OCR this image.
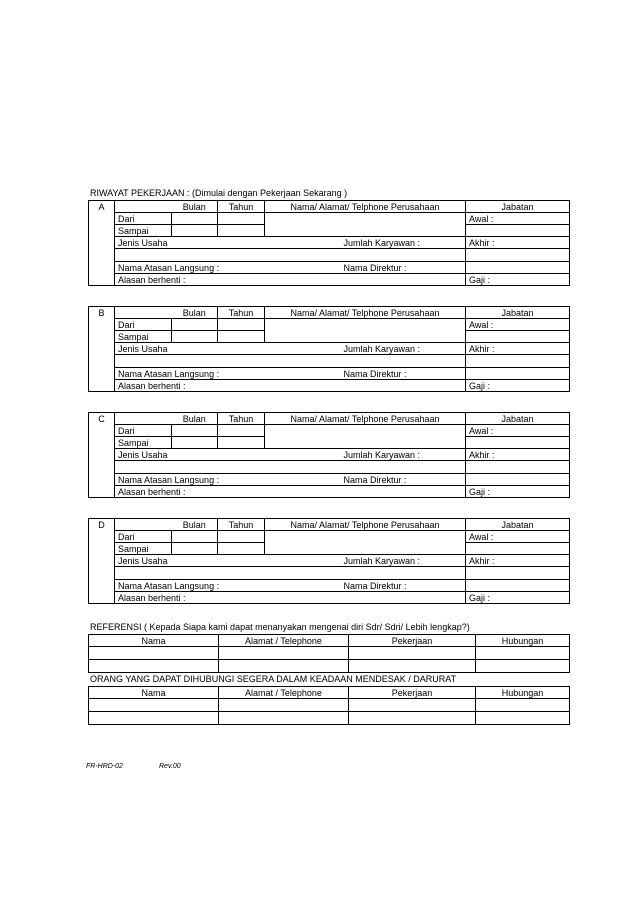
RIWAYAT PEKERJAAN : (Dimulai dengan Pekerjaan Sekarang )
A		Bulan	Tahun	Nama/ Alamat/ Telphone Perusahaan		Jabatan
	Dari					Awal :
	Sampai					
	Jenis Usaha				Jumlah Karyawan :	Akhir :

	Nama Atasan Langsung :				Nama Direktur :	
	Alasan berhenti :					Gaji :
B		Bulan	Tahun	Nama/ Alamat/ Telphone Perusahaan		Jabatan
	Dari					Awal :
	Sampai					
	Jenis Usaha				Jumlah Karyawan :	Akhir :

	Nama Atasan Langsung :				Nama Direktur :	
	Alasan berhenti :					Gaji :
C		Bulan	Tahun	Nama/ Alamat/ Telphone Perusahaan		Jabatan
	Dari					Awal :
	Sampai					
	Jenis Usaha				Jumlah Karyawan :	Akhir :

	Nama Atasan Langsung :				Nama Direktur :	
	Alasan berhenti :					Gaji :
D		Bulan	Tahun	Nama/ Alamat/ Telphone Perusahaan		Jabatan
	Dari					Awal :
	Sampai					
	Jenis Usaha				Jumlah Karyawan :	Akhir :

	Nama Atasan Langsung :				Nama Direktur :	
	Alasan berhenti :					Gaji :
REFERENSI ( Kepada Siapa kami dapat menanyakan mengenai diri Sdr/ Sdri/ Lebih lengkap?)
Nama	Alamat / Telephone	Pekerjaan	Hubungan

ORANG YANG DAPAT DIHUBUNGI SEGERA DALAM KEADAAN MENDESAK / DARURAT
Nama	Alamat / Telephone	Pekerjaan	Hubungan

FR-HRD-02	Rev.00
